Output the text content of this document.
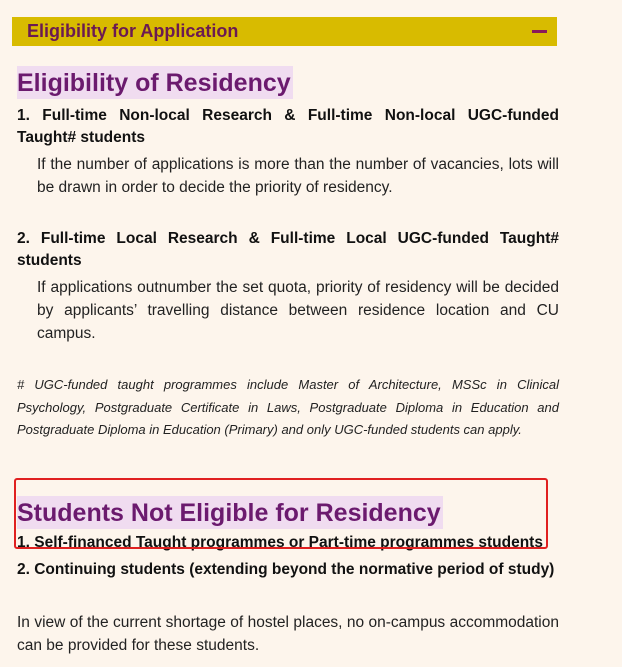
Eligibility for Application
Eligibility of Residency

1. Full-time Non-local Research & Full-time Non-local UGC-funded Taught# students

If the number of applications is more than the number of vacancies, lots will be drawn in order to decide the priority of residency.

2. Full-time Local Research & Full-time Local UGC-funded Taught# students

If applications outnumber the set quota, priority of residency will be decided by applicants’ travelling distance between residence location and CU campus.

# UGC-funded taught programmes include Master of Architecture, MSSc in Clinical Psychology, Postgraduate Certificate in Laws, Postgraduate Diploma in Education and Postgraduate Diploma in Education (Primary) and only UGC-funded students can apply.

Students Not Eligible for Residency

1. Self-financed Taught programmes or Part-time programmes students

2. Continuing students (extending beyond the normative period of study)

In view of the current shortage of hostel places, no on-campus accommodation can be provided for these students.
